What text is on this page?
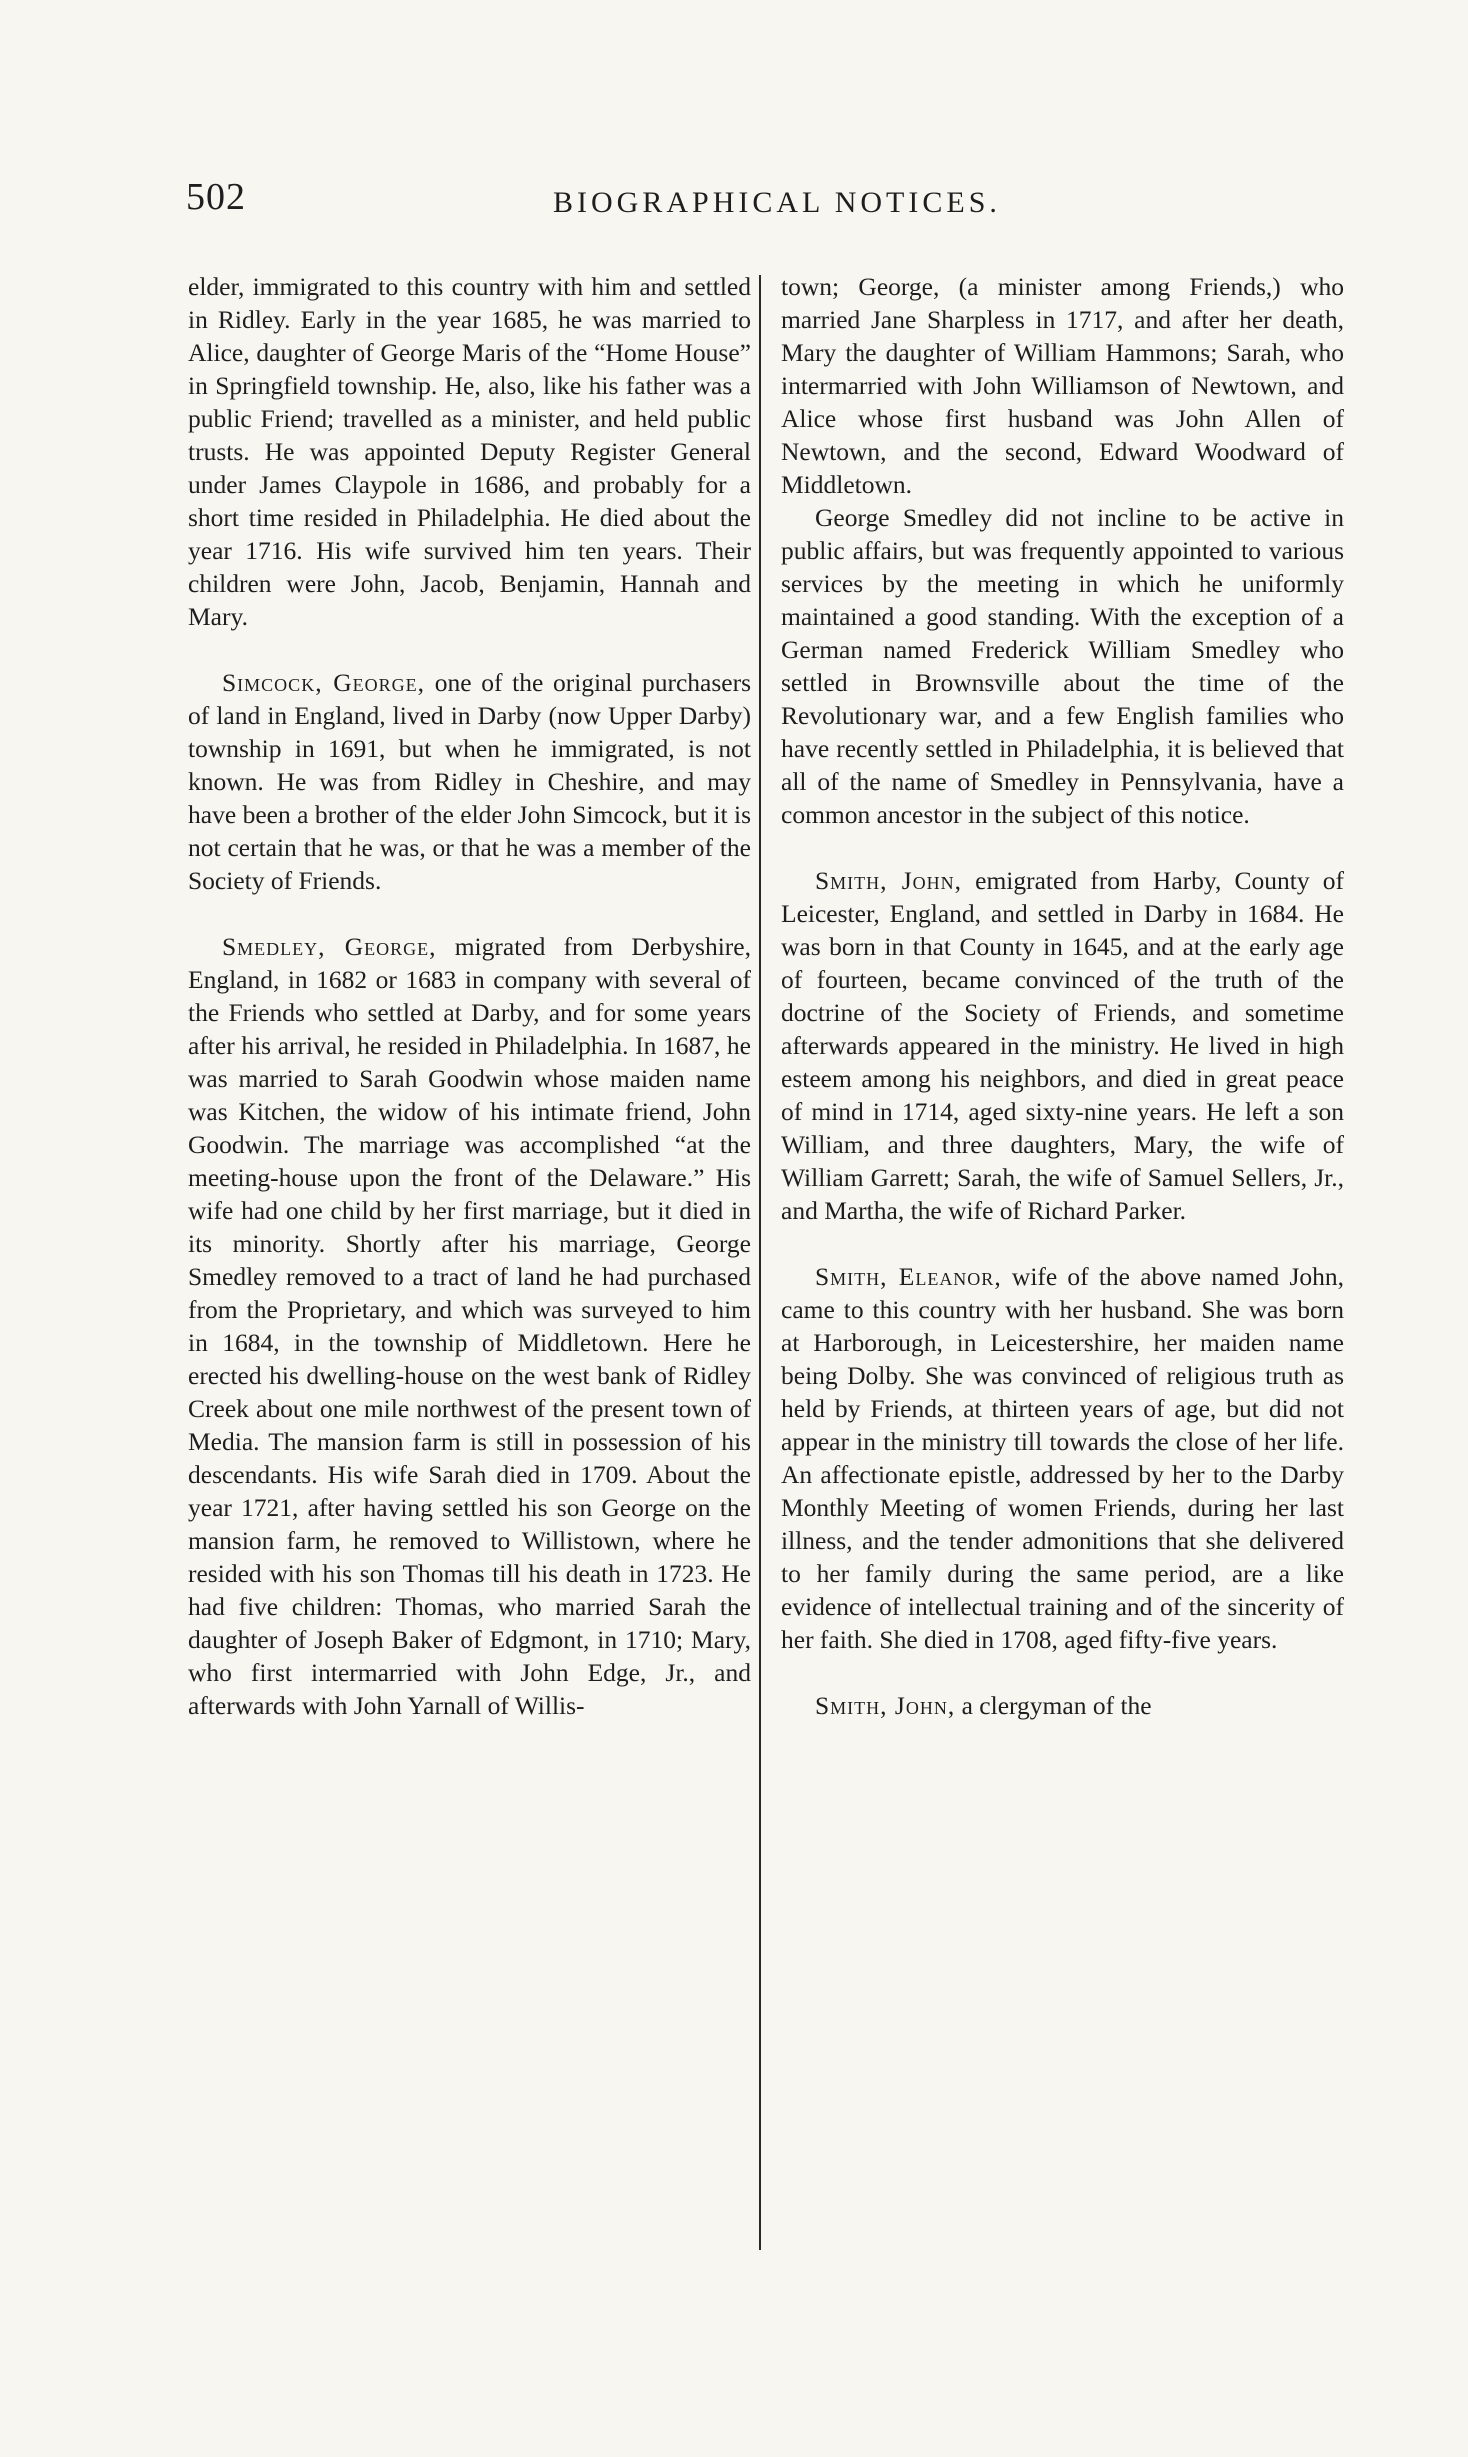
502	BIOGRAPHICAL NOTICES.

elder, immigrated to this country with him and settled in Ridley. Early in the year 1685, he was married to Alice, daughter of George Maris of the “Home House” in Springfield township. He, also, like his father was a public Friend; travelled as a minister, and held public trusts. He was appointed Deputy Register General under James Claypole in 1686, and probably for a short time resided in Philadelphia. He died about the year 1716. His wife survived him ten years. Their children were John, Jacob, Benjamin, Hannah and Mary.

Simcock, George, one of the original purchasers of land in England, lived in Darby (now Upper Darby) township in 1691, but when he immigrated, is not known. He was from Ridley in Cheshire, and may have been a brother of the elder John Simcock, but it is not certain that he was, or that he was a member of the Society of Friends.

Smedley, George, migrated from Derbyshire, England, in 1682 or 1683 in company with several of the Friends who settled at Darby, and for some years after his arrival, he resided in Philadelphia. In 1687, he was married to Sarah Goodwin whose maiden name was Kitchen, the widow of his intimate friend, John Goodwin. The marriage was accomplished “at the meeting-house upon the front of the Delaware.” His wife had one child by her first marriage, but it died in its minority. Shortly after his marriage, George Smedley removed to a tract of land he had purchased from the Proprietary, and which was surveyed to him in 1684, in the township of Middletown. Here he erected his dwelling-house on the west bank of Ridley Creek about one mile northwest of the present town of Media. The mansion farm is still in possession of his descendants. His wife Sarah died in 1709. About the year 1721, after having settled his son George on the mansion farm, he removed to Willistown, where he resided with his son Thomas till his death in 1723. He had five children: Thomas, who married Sarah the daughter of Joseph Baker of Edgmont, in 1710; Mary, who first intermarried with John Edge, Jr., and afterwards with John Yarnall of Willis-

town; George, (a minister among Friends,) who married Jane Sharpless in 1717, and after her death, Mary the daughter of William Hammons; Sarah, who intermarried with John Williamson of Newtown, and Alice whose first husband was John Allen of Newtown, and the second, Edward Woodward of Middletown.

George Smedley did not incline to be active in public affairs, but was frequently appointed to various services by the meeting in which he uniformly maintained a good standing. With the exception of a German named Frederick William Smedley who settled in Brownsville about the time of the Revolutionary war, and a few English families who have recently settled in Philadelphia, it is believed that all of the name of Smedley in Pennsylvania, have a common ancestor in the subject of this notice.

Smith, John, emigrated from Harby, County of Leicester, England, and settled in Darby in 1684. He was born in that County in 1645, and at the early age of fourteen, became convinced of the truth of the doctrine of the Society of Friends, and sometime afterwards appeared in the ministry. He lived in high esteem among his neighbors, and died in great peace of mind in 1714, aged sixty-nine years. He left a son William, and three daughters, Mary, the wife of William Garrett; Sarah, the wife of Samuel Sellers, Jr., and Martha, the wife of Richard Parker.

Smith, Eleanor, wife of the above named John, came to this country with her husband. She was born at Harborough, in Leicestershire, her maiden name being Dolby. She was convinced of religious truth as held by Friends, at thirteen years of age, but did not appear in the ministry till towards the close of her life. An affectionate epistle, addressed by her to the Darby Monthly Meeting of women Friends, during her last illness, and the tender admonitions that she delivered to her family during the same period, are a like evidence of intellectual training and of the sincerity of her faith. She died in 1708, aged fifty-five years.

Smith, John, a clergyman of the
